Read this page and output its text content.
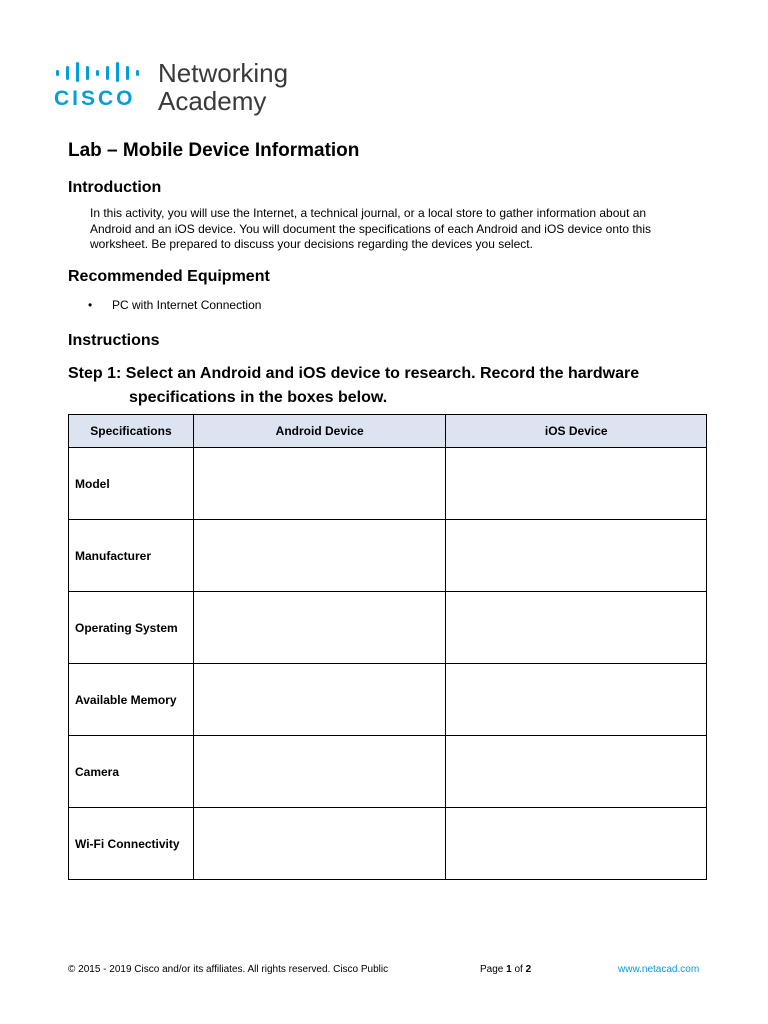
CISCO
Networking
Academy
Lab – Mobile Device Information
Introduction

In this activity, you will use the Internet, a technical journal, or a local store to gather information about an Android and an iOS device. You will document the specifications of each Android and iOS device onto this worksheet. Be prepared to discuss your decisions regarding the devices you select.

Recommended Equipment
• PC with Internet Connection
Instructions

Step 1: Select an Android and iOS device to research. Record the hardware
specifications in the boxes below.

Specifications	Android Device	iOS Device
Model		
Manufacturer		
Operating System		
Available Memory		
Camera		
Wi-Fi Connectivity		
© 2015 - 2019 Cisco and/or its affiliates. All rights reserved. Cisco Public	Page 1 of 2	www.netacad.com
